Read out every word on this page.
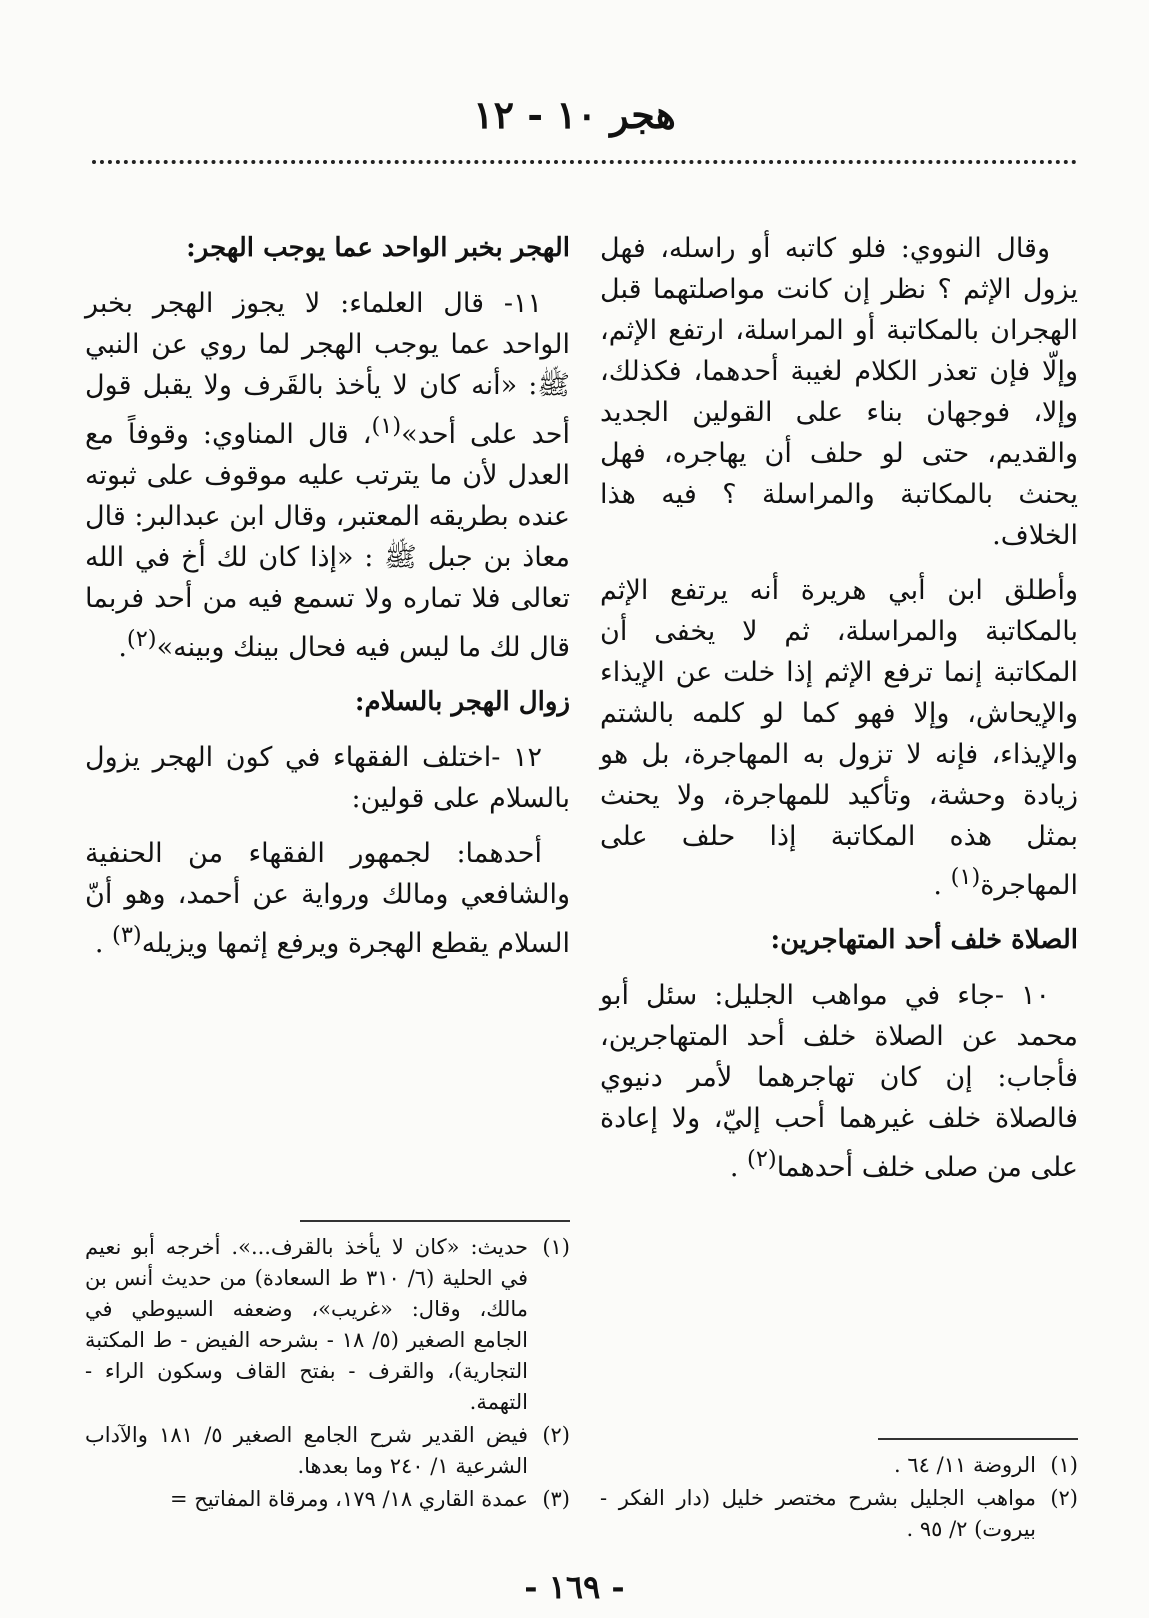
هجر ١٠ - ١٢

وقال النووي: فلو كاتبه أو راسله، فهل يزول الإثم ؟ نظر إن كانت مواصلتهما قبل الهجران بالمكاتبة أو المراسلة، ارتفع الإثم، وإلّا فإن تعذر الكلام لغيبة أحدهما، فكذلك، وإلا، فوجهان بناء على القولين الجديد والقديم، حتى لو حلف أن يهاجره، فهل يحنث بالمكاتبة والمراسلة ؟ فيه هذا الخلاف.

وأطلق ابن أبي هريرة أنه يرتفع الإثم بالمكاتبة والمراسلة، ثم لا يخفى أن المكاتبة إنما ترفع الإثم إذا خلت عن الإيذاء والإيحاش، وإلا فهو كما لو كلمه بالشتم والإيذاء، فإنه لا تزول به المهاجرة، بل هو زيادة وحشة، وتأكيد للمهاجرة، ولا يحنث بمثل هذه المكاتبة إذا حلف على المهاجرة$^{(١)}$ .

الصلاة خلف أحد المتهاجرين:

١٠ -جاء في مواهب الجليل: سئل أبو محمد عن الصلاة خلف أحد المتهاجرين، فأجاب: إن كان تهاجرهما لأمر دنيوي فالصلاة خلف غيرهما أحب إليّ، ولا إعادة على من صلى خلف أحدهما$^{(٢)}$ .

(١)
الروضة ١١/ ٦٤ .
(٢)
مواهب الجليل بشرح مختصر خليل (دار الفكر - بيروت) ٢/ ٩٥ .

الهجر بخبر الواحد عما يوجب الهجر:

١١- قال العلماء: لا يجوز الهجر بخبر الواحد عما يوجب الهجر لما روي عن النبي ﷺ: «أنه كان لا يأخذ بالقَرف ولا يقبل قول أحد على أحد»$^{(١)}$، قال المناوي: وقوفاً مع العدل لأن ما يترتب عليه موقوف على ثبوته عنده بطريقه المعتبر، وقال ابن عبدالبر: قال معاذ بن جبل ﷺ : «إذا كان لك أخ في الله تعالى فلا تماره ولا تسمع فيه من أحد فربما قال لك ما ليس فيه فحال بينك وبينه»$^{(٢)}$.

زوال الهجر بالسلام:

١٢ -اختلف الفقهاء في كون الهجر يزول بالسلام على قولين:

أحدهما: لجمهور الفقهاء من الحنفية والشافعي ومالك ورواية عن أحمد، وهو أنّ السلام يقطع الهجرة ويرفع إثمها ويزيله$^{(٣)}$ .

(١)
حديث: «كان لا يأخذ بالقرف...». أخرجه أبو نعيم في الحلية (٦/ ٣١٠ ط السعادة) من حديث أنس بن مالك، وقال: «غريب»، وضعفه السيوطي في الجامع الصغير (٥/ ١٨ - بشرحه الفيض - ط المكتبة التجارية)، والقرف - بفتح القاف وسكون الراء - التهمة.
(٢)
فيض القدير شرح الجامع الصغير ٥/ ١٨١ والآداب الشرعية ١/ ٢٤٠ وما بعدها.
(٣)
عمدة القاري ١٨/ ١٧٩، ومرقاة المفاتيح =
- ١٦٩ -
